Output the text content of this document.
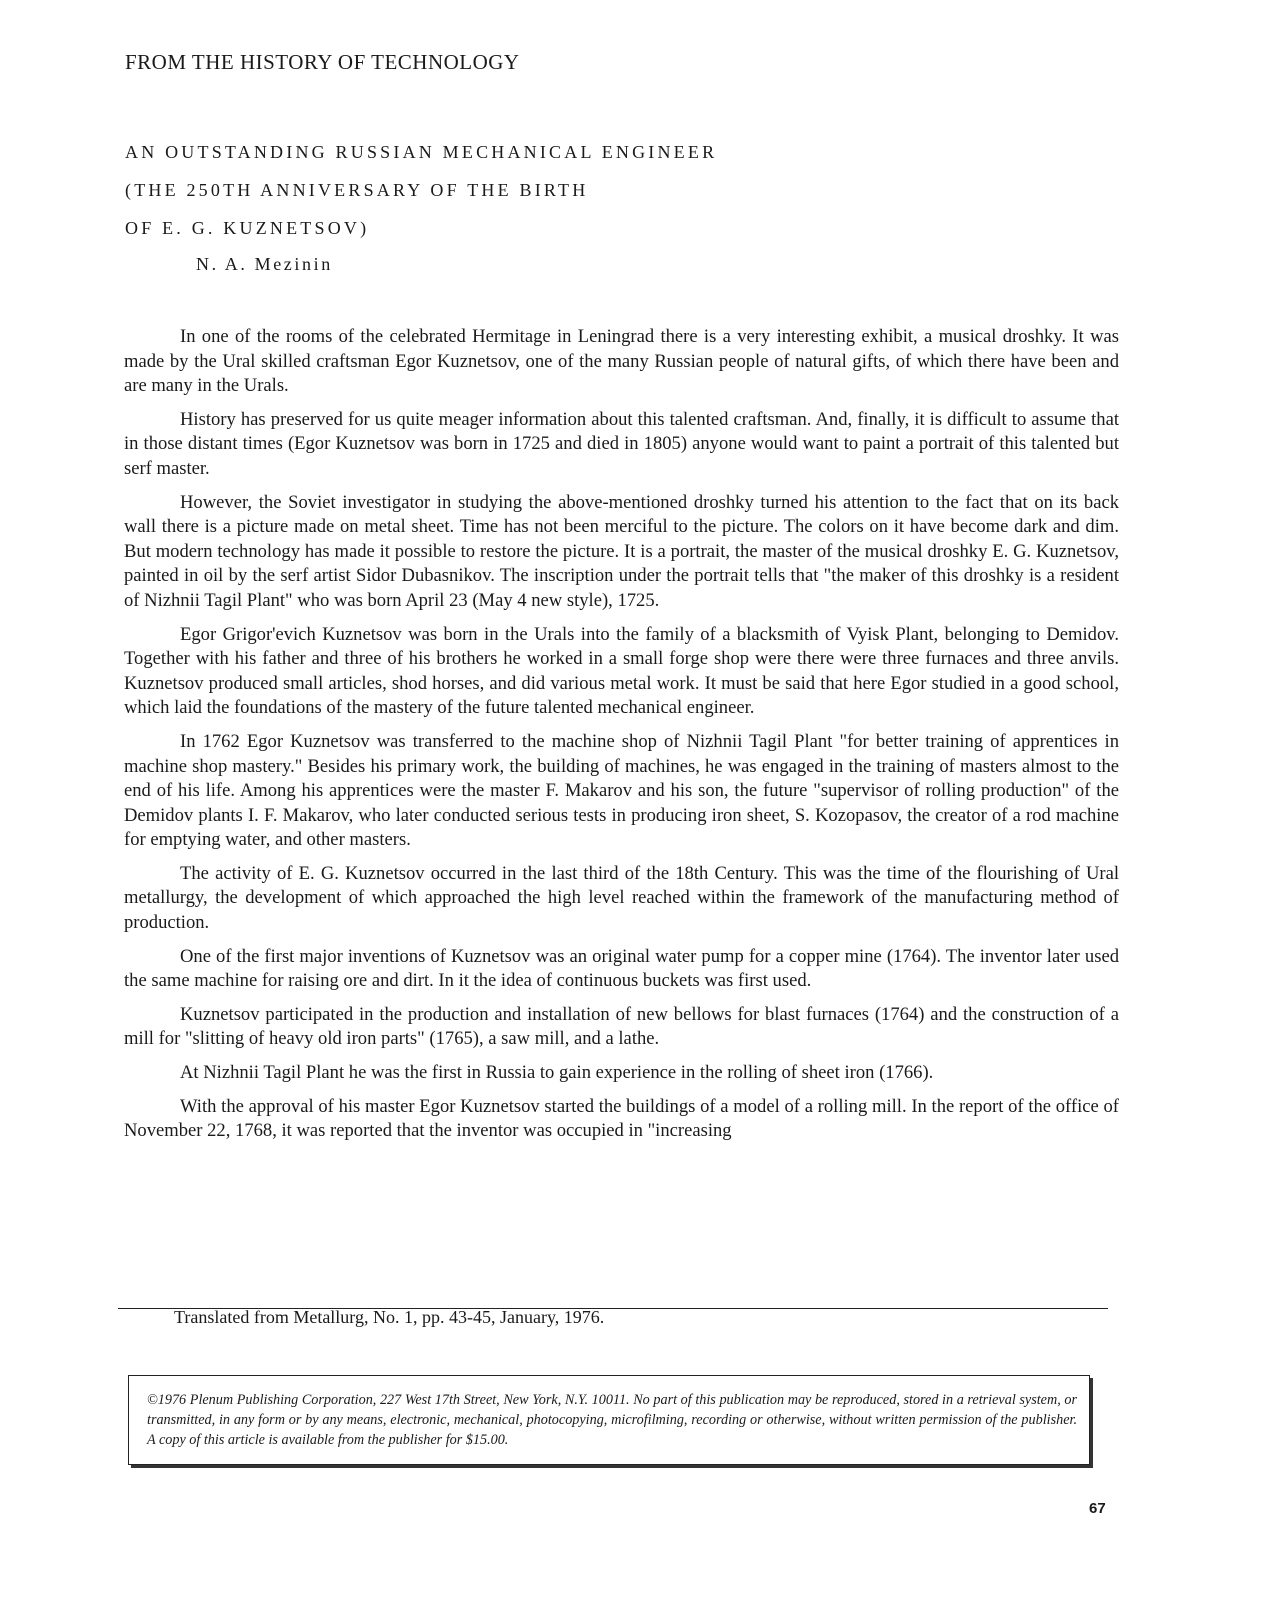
FROM THE HISTORY OF TECHNOLOGY
AN OUTSTANDING RUSSIAN MECHANICAL ENGINEER
(THE 250TH ANNIVERSARY OF THE BIRTH
OF E. G. KUZNETSOV)

N. A. Mezinin

In one of the rooms of the celebrated Hermitage in Leningrad there is a very interesting exhibit, a musical droshky. It was made by the Ural skilled craftsman Egor Kuznetsov, one of the many Russian people of natural gifts, of which there have been and are many in the Urals.

History has preserved for us quite meager information about this talented craftsman. And, finally, it is difficult to assume that in those distant times (Egor Kuznetsov was born in 1725 and died in 1805) anyone would want to paint a portrait of this talented but serf master.

However, the Soviet investigator in studying the above-mentioned droshky turned his attention to the fact that on its back wall there is a picture made on metal sheet. Time has not been merciful to the picture. The colors on it have become dark and dim. But modern technology has made it possible to restore the picture. It is a portrait, the master of the musical droshky E. G. Kuznetsov, painted in oil by the serf artist Sidor Dubasnikov. The inscription under the portrait tells that "the maker of this droshky is a resident of Nizhnii Tagil Plant" who was born April 23 (May 4 new style), 1725.

Egor Grigor'evich Kuznetsov was born in the Urals into the family of a blacksmith of Vyisk Plant, belonging to Demidov. Together with his father and three of his brothers he worked in a small forge shop were there were three furnaces and three anvils. Kuznetsov produced small articles, shod horses, and did various metal work. It must be said that here Egor studied in a good school, which laid the foundations of the mastery of the future talented mechanical engineer.

In 1762 Egor Kuznetsov was transferred to the machine shop of Nizhnii Tagil Plant "for better training of apprentices in machine shop mastery." Besides his primary work, the building of machines, he was engaged in the training of masters almost to the end of his life. Among his apprentices were the master F. Makarov and his son, the future "supervisor of rolling production" of the Demidov plants I. F. Makarov, who later conducted serious tests in producing iron sheet, S. Kozopasov, the creator of a rod machine for emptying water, and other masters.

The activity of E. G. Kuznetsov occurred in the last third of the 18th Century. This was the time of the flourishing of Ural metallurgy, the development of which approached the high level reached within the framework of the manufacturing method of production.

One of the first major inventions of Kuznetsov was an original water pump for a copper mine (1764). The inventor later used the same machine for raising ore and dirt. In it the idea of continuous buckets was first used.

Kuznetsov participated in the production and installation of new bellows for blast furnaces (1764) and the construction of a mill for "slitting of heavy old iron parts" (1765), a saw mill, and a lathe.

At Nizhnii Tagil Plant he was the first in Russia to gain experience in the rolling of sheet iron (1766).

With the approval of his master Egor Kuznetsov started the buildings of a model of a rolling mill. In the report of the office of November 22, 1768, it was reported that the inventor was occupied in "increasing

Translated from Metallurg, No. 1, pp. 43-45, January, 1976.

©1976 Plenum Publishing Corporation, 227 West 17th Street, New York, N.Y. 10011. No part of this publication may be reproduced, stored in a retrieval system, or transmitted, in any form or by any means, electronic, mechanical, photocopying, microfilming, recording or otherwise, without written permission of the publisher. A copy of this article is available from the publisher for $15.00.

67
